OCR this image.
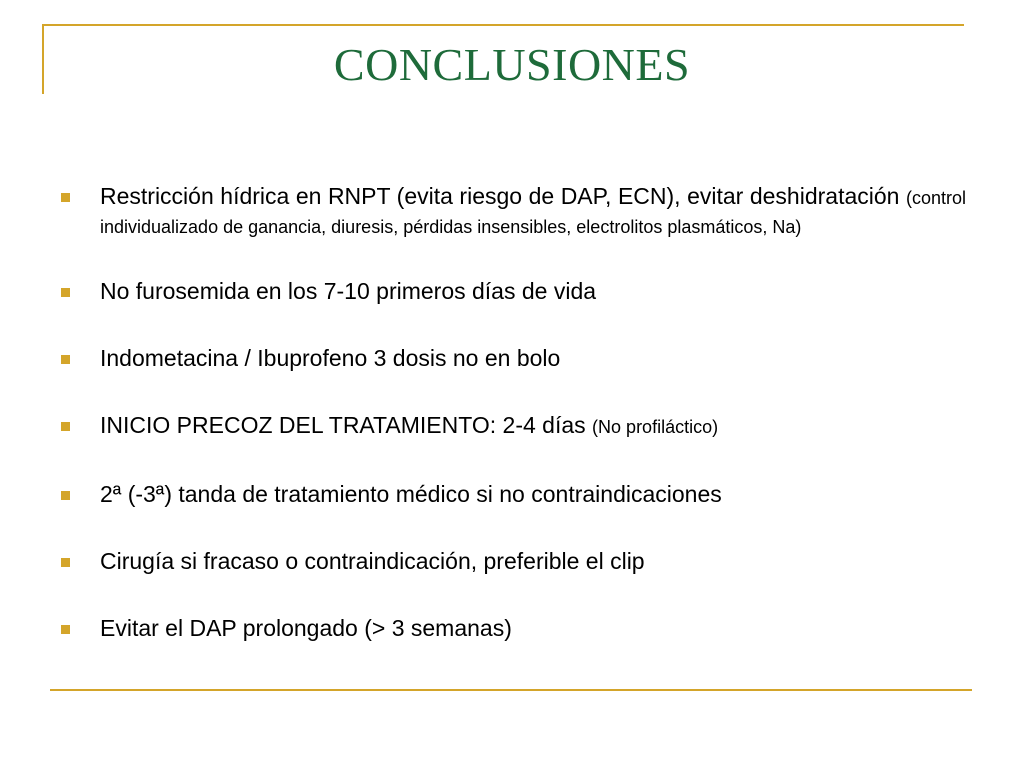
CONCLUSIONES
Restricción hídrica en RNPT (evita riesgo de DAP, ECN), evitar deshidratación (control individualizado de ganancia, diuresis, pérdidas insensibles, electrolitos plasmáticos, Na)
No furosemida en los 7-10 primeros días de vida
Indometacina / Ibuprofeno 3 dosis no en bolo
INICIO PRECOZ DEL TRATAMIENTO: 2-4 días (No profiláctico)
2ª (-3ª) tanda de tratamiento médico si no contraindicaciones
Cirugía si fracaso o contraindicación, preferible el clip
Evitar el DAP prolongado (> 3 semanas)
